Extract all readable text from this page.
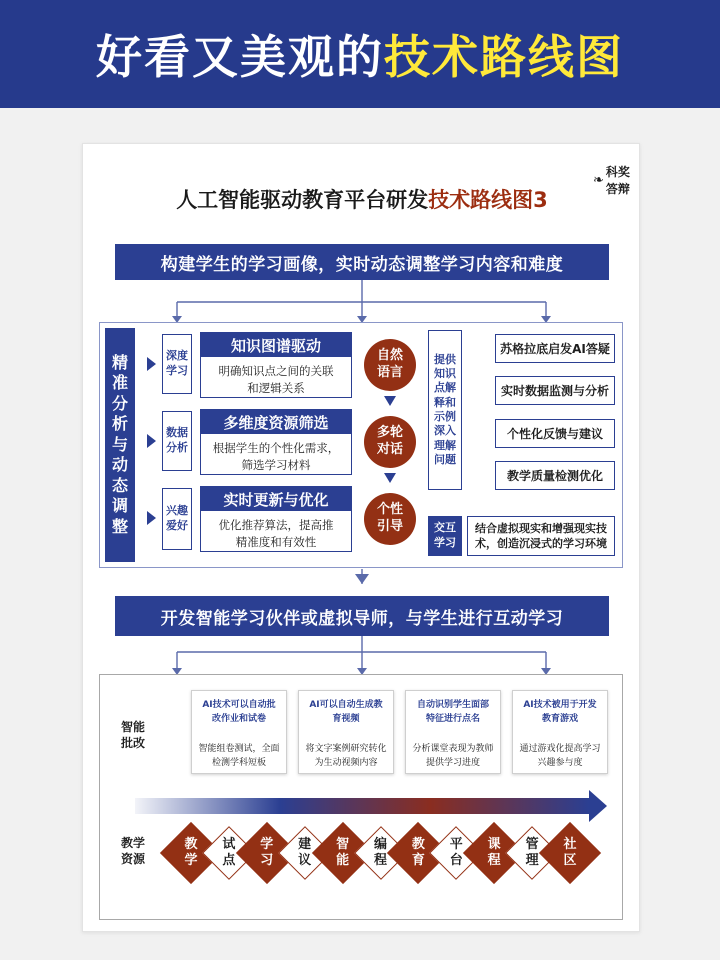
好看又美观的技术路线图
❧
科奖答辩
人工智能驱动教育平台研发技术路线图3
构建学生的学习画像，实时动态调整学习内容和难度
精
准
分
析
与
动
态
调
整
深度
学习
知识图谱驱动
明确知识点之间的关联
和逻辑关系
数据
分析
多维度资源筛选
根据学生的个性化需求，
筛选学习材料
兴趣
爱好
实时更新与优化
优化推荐算法，提高推
精准度和有效性
自然
语言
多轮
对话
个性
引导
提
知
点
释
示
深
理
问
供
识
解
和
例
入
解
题
苏格拉底启发AI答疑
实时数据监测与分析
个性化反馈与建议
教学质量检测优化
交互
学习
结合虚拟现实和增强现实技
术，创造沉浸式的学习环境
开发智能学习伙伴或虚拟导师，与学生进行互动学习
智能
批改
AI技术可以自动批
改作业和试卷
智能组卷测试，全面
检测学科短板
AI可以自动生成教
育视频
将文字案例研究转化
为生动视频内容
自动识别学生面部
特征进行点名
分析课堂表现为教师
提供学习进度
AI技术被用于开发
教育游戏
通过游戏化提高学习
兴趣参与度
教学
资源
教
学
试
点
学
习
建
议
智
能
编
程
教
育
平
台
课
程
管
理
社
区
